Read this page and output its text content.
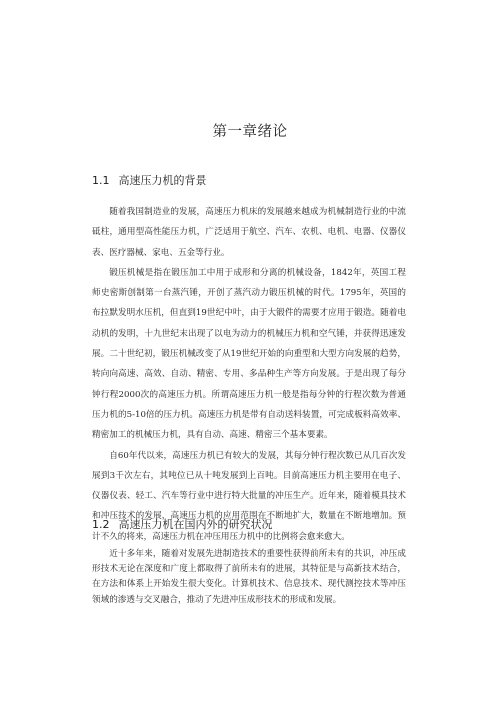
第一章绪论
1.1 高速压力机的背景

随着我国制造业的发展，高速压力机床的发展越来越成为机械制造行业的中流砥柱，通用型高性能压力机，广泛适用于航空、汽车、农机、电机、电器、仪器仪表、医疗器械、家电、五金等行业。

锻压机械是指在锻压加工中用于成形和分离的机械设备，1842年，英国工程师史密斯创制第一台蒸汽锤，开创了蒸汽动力锻压机械的时代。1795年，英国的布拉默发明水压机，但直到19世纪中叶，由于大锻件的需要才应用于锻造。随着电动机的发明，十九世纪末出现了以电为动力的机械压力机和空气锤，并获得迅速发展。二十世纪初，锻压机械改变了从19世纪开始的向重型和大型方向发展的趋势，转向向高速、高效、自动、精密、专用、多品种生产等方向发展。于是出现了每分钟行程2000次的高速压力机。所谓高速压力机一般是指每分钟的行程次数为普通压力机的5-10倍的压力机。高速压力机是带有自动送料装置，可完成板料高效率、精密加工的机械压力机，具有自动、高速、精密三个基本要素。

自60年代以来，高速压力机已有较大的发展，其每分钟行程次数已从几百次发展到3千次左右，其吨位已从十吨发展到上百吨。目前高速压力机主要用在电子、仪器仪表、轻工、汽车等行业中进行特大批量的冲压生产。近年来，随着模具技术和冲压技术的发展，高速压力机的应用范围在不断地扩大，数量在不断地增加。预计不久的将来，高速压力机在冲压用压力机中的比例将会愈来愈大。

1.2 高速压力机在国内外的研究状况

近十多年来，随着对发展先进制造技术的重要性获得前所未有的共识，冲压成形技术无论在深度和广度上都取得了前所未有的进展，其特征是与高新技术结合，在方法和体系上开始发生很大变化。计算机技术、信息技术、现代测控技术等冲压领域的渗透与交叉融合，推动了先进冲压成形技术的形成和发展。
